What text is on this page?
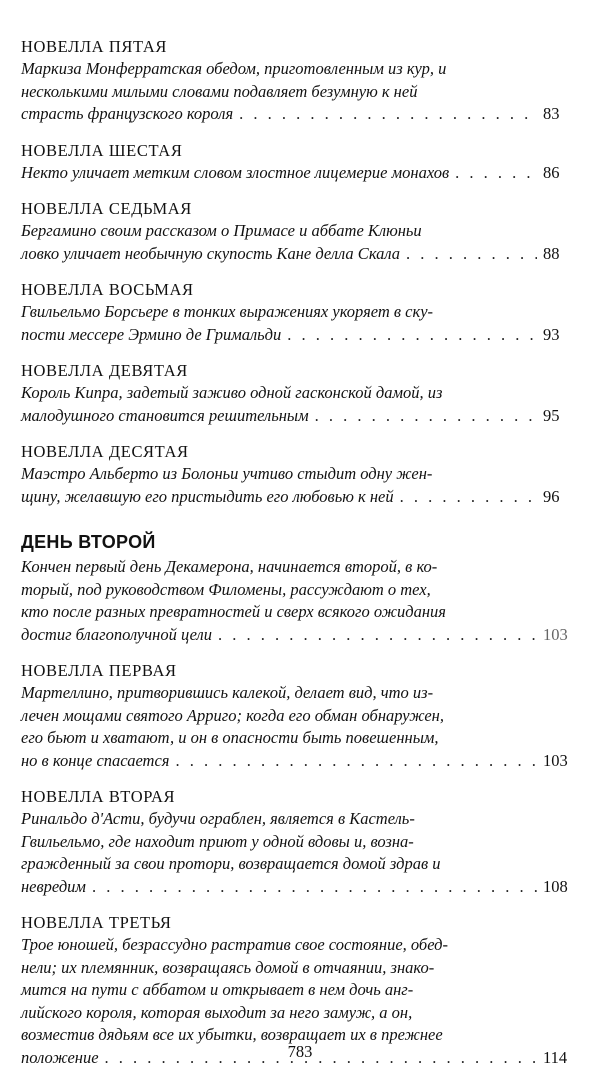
НОВЕЛЛА ПЯТАЯ
Маркиза Монферратская обедом, приготовленным из кур, и
несколькими милыми словами подавляет безумную к ней
страсть французского короля . . .	83
НОВЕЛЛА ШЕСТАЯ
Некто уличает метким словом злостное лицемерие монахов . . .	86
НОВЕЛЛА СЕДЬМАЯ
Бергамино своим рассказом о Примасе и аббате Клюньи
ловко уличает необычную скупость Кане делла Скала . . .	88
НОВЕЛЛА ВОСЬМАЯ
Гвильельмо Борсьере в тонких выражениях укоряет в ску-
пости мессере Эрмино де Гримальди . . .	93
НОВЕЛЛА ДЕВЯТАЯ
Король Кипра, задетый заживо одной гасконской дамой, из
малодушного становится решительным . . .	95
НОВЕЛЛА ДЕСЯТАЯ
Маэстро Альберто из Болоньи учтиво стыдит одну жен-
щину, желавшую его пристыдить его любовью к ней . . .	96
ДЕНЬ ВТОРОЙ
Кончен первый день Декамерона, начинается второй, в ко-
торый, под руководством Филомены, рассуждают о тех,
кто после разных превратностей и сверх всякого ожидания
достиг благополучной цели . . .	103
НОВЕЛЛА ПЕРВАЯ
Мартеллино, притворившись калекой, делает вид, что из-
лечен мощами святого Арриго; когда его обман обнаружен,
его бьют и хватают, и он в опасности быть повешенным,
но в конце спасается . . .	103
НОВЕЛЛА ВТОРАЯ
Ринальдо д'Асти, будучи ограблен, является в Кастель-
Гвильельмо, где находит приют у одной вдовы и, возна-
гражденный за свои протори, возвращается домой здрав и
невредим . . .	108
НОВЕЛЛА ТРЕТЬЯ
Трое юношей, безрассудно растратив свое состояние, обед-
нели; их племянник, возвращаясь домой в отчаянии, знако-
мится на пути с аббатом и открывает в нем дочь анг-
лийского короля, которая выходит за него замуж, а он,
возместив дядьям все их убытки, возвращает их в прежнее
положение . . .	114
783
